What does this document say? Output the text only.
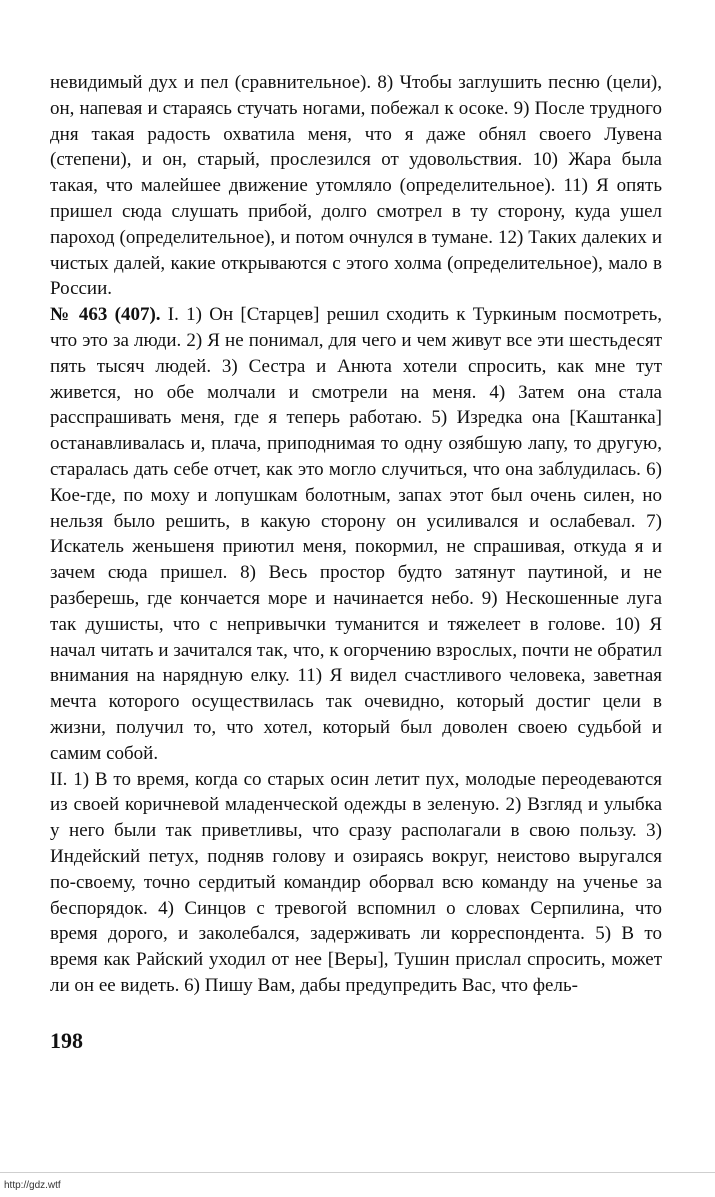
невидимый дух и пел (сравнительное). 8) Чтобы заглушить песню (цели), он, напевая и стараясь стучать ногами, побежал к осоке. 9) После трудного дня такая радость охватила меня, что я даже обнял своего Лувена (степени), и он, старый, прослезился от удовольствия. 10) Жара была такая, что малейшее движение утомляло (определительное). 11) Я опять пришел сюда слушать прибой, долго смотрел в ту сторону, куда ушел пароход (определительное), и потом очнулся в тумане. 12) Таких далеких и чистых далей, какие открываются с этого холма (определительное), мало в России.

№ 463 (407). I. 1) Он [Старцев] решил сходить к Туркиным посмотреть, что это за люди. 2) Я не понимал, для чего и чем живут все эти шестьдесят пять тысяч людей. 3) Сестра и Анюта хотели спросить, как мне тут живется, но обе молчали и смотрели на меня. 4) Затем она стала расспрашивать меня, где я теперь работаю. 5) Изредка она [Каштанка] останавливалась и, плача, приподнимая то одну озябшую лапу, то другую, старалась дать себе отчет, как это могло случиться, что она заблудилась. 6) Кое-где, по моху и лопушкам болотным, запах этот был очень силен, но нельзя было решить, в какую сторону он усиливался и ослабевал. 7) Искатель женьшеня приютил меня, покормил, не спрашивая, откуда я и зачем сюда пришел. 8) Весь простор будто затянут паутиной, и не разберешь, где кончается море и начинается небо. 9) Нескошенные луга так душисты, что с непривычки туманится и тяжелеет в голове. 10) Я начал читать и зачитался так, что, к огорчению взрослых, почти не обратил внимания на нарядную елку. 11) Я видел счастливого человека, заветная мечта которого осуществилась так очевидно, который достиг цели в жизни, получил то, что хотел, который был доволен своею судьбой и самим собой.

II. 1) В то время, когда со старых осин летит пух, молодые переодеваются из своей коричневой младенческой одежды в зеленую. 2) Взгляд и улыбка у него были так приветливы, что сразу располагали в свою пользу. 3) Индейский петух, подняв голову и озираясь вокруг, неистово выругался по-своему, точно сердитый командир оборвал всю команду на ученье за беспорядок. 4) Синцов с тревогой вспомнил о словах Серпилина, что время дорого, и заколебался, задерживать ли корреспондента. 5) В то время как Райский уходил от нее [Веры], Тушин прислал спросить, может ли он ее видеть. 6) Пишу Вам, дабы предупредить Вас, что фель-

198
http://gdz.wtf
